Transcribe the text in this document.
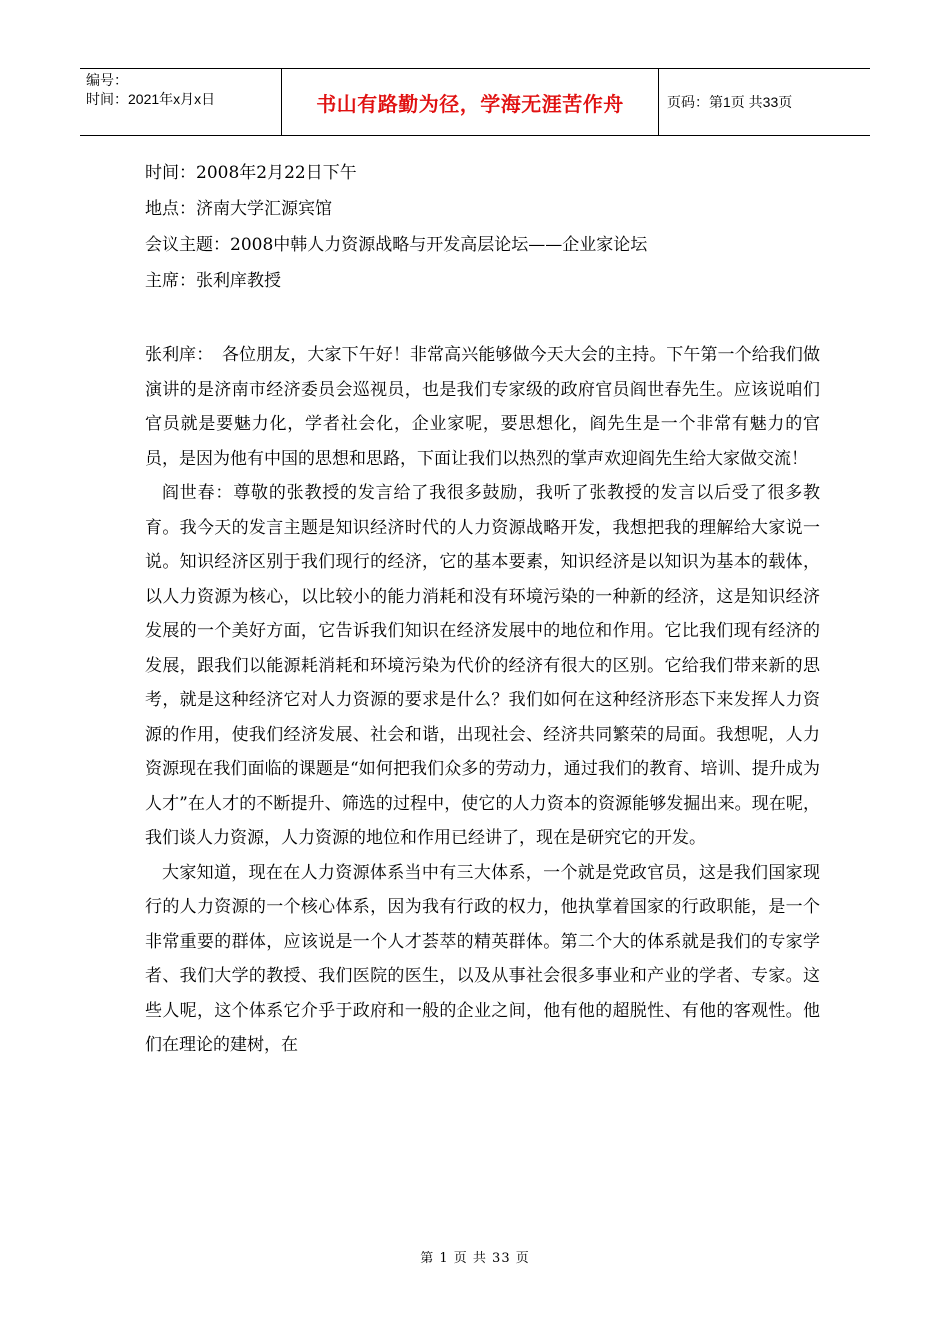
编号：
时间：2021年x月x日	书山有路勤为径，学海无涯苦作舟	页码：第1页 共33页
时间：2008年2月22日下午
地点：济南大学汇源宾馆
会议主题：2008中韩人力资源战略与开发高层论坛——企业家论坛
主席：张利庠教授

张利庠：　各位朋友，大家下午好！非常高兴能够做今天大会的主持。下午第一个给我们做演讲的是济南市经济委员会巡视员，也是我们专家级的政府官员阎世春先生。应该说咱们官员就是要魅力化，学者社会化，企业家呢，要思想化，阎先生是一个非常有魅力的官员，是因为他有中国的思想和思路，下面让我们以热烈的掌声欢迎阎先生给大家做交流！

阎世春：尊敬的张教授的发言给了我很多鼓励，我听了张教授的发言以后受了很多教育。我今天的发言主题是知识经济时代的人力资源战略开发，我想把我的理解给大家说一说。知识经济区别于我们现行的经济，它的基本要素，知识经济是以知识为基本的载体，以人力资源为核心，以比较小的能力消耗和没有环境污染的一种新的经济，这是知识经济发展的一个美好方面，它告诉我们知识在经济发展中的地位和作用。它比我们现有经济的发展，跟我们以能源耗消耗和环境污染为代价的经济有很大的区别。它给我们带来新的思考，就是这种经济它对人力资源的要求是什么？我们如何在这种经济形态下来发挥人力资源的作用，使我们经济发展、社会和谐，出现社会、经济共同繁荣的局面。我想呢，人力资源现在我们面临的课题是“如何把我们众多的劳动力，通过我们的教育、培训、提升成为人才”在人才的不断提升、筛选的过程中，使它的人力资本的资源能够发掘出来。现在呢，我们谈人力资源，人力资源的地位和作用已经讲了，现在是研究它的开发。

大家知道，现在在人力资源体系当中有三大体系，一个就是党政官员，这是我们国家现行的人力资源的一个核心体系，因为我有行政的权力，他执掌着国家的行政职能，是一个非常重要的群体，应该说是一个人才荟萃的精英群体。第二个大的体系就是我们的专家学者、我们大学的教授、我们医院的医生，以及从事社会很多事业和产业的学者、专家。这些人呢，这个体系它介乎于政府和一般的企业之间，他有他的超脱性、有他的客观性。他们在理论的建树，在

第 1 页 共 33 页
